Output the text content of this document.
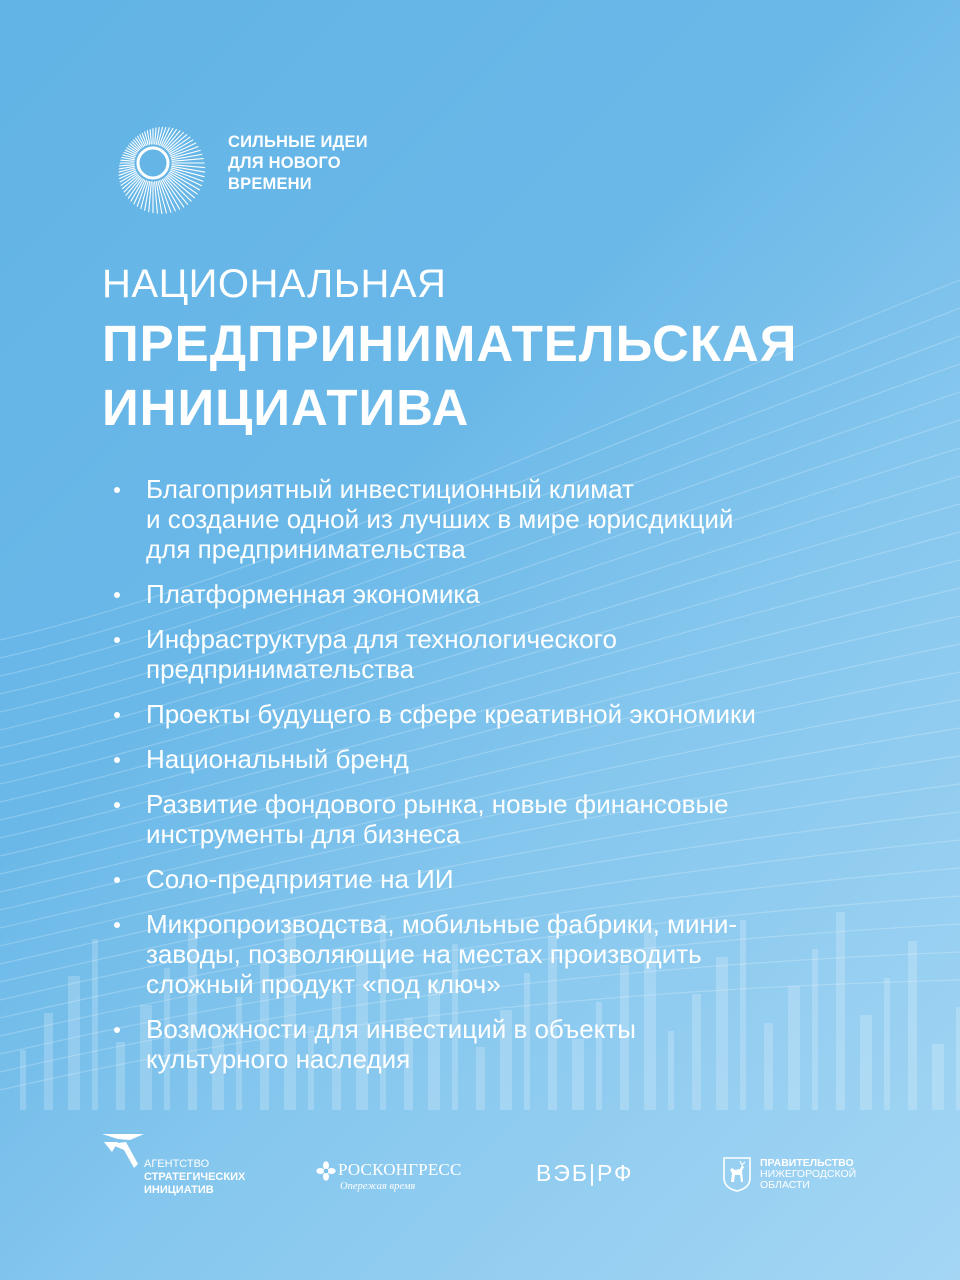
СИЛЬНЫЕ ИДЕИ
ДЛЯ НОВОГО
ВРЕМЕНИ
НАЦИОНАЛЬНАЯ
ПРЕДПРИНИМАТЕЛЬСКАЯ
ИНИЦИАТИВА
Благоприятный инвестиционный климат
и создание одной из лучших в мире юрисдикций
для предпринимательства
Платформенная экономика
Инфраструктура для технологического
предпринимательства
Проекты будущего в сфере креативной экономики
Национальный бренд
Развитие фондового рынка, новые финансовые
инструменты для бизнеса
Соло-предприятие на ИИ
Микропроизводства, мобильные фабрики, мини-
заводы, позволяющие на местах производить
сложный продукт «под ключ»
Возможности для инвестиций в объекты
культурного наследия
АГЕНТСТВО
СТРАТЕГИЧЕСКИХ
ИНИЦИАТИВ
РОСКОНГРЕСС
Опережая время
ВЭБ|РФ	ПРАВИТЕЛЬСТВО
НИЖЕГОРОДСКОЙ
ОБЛАСТИ
